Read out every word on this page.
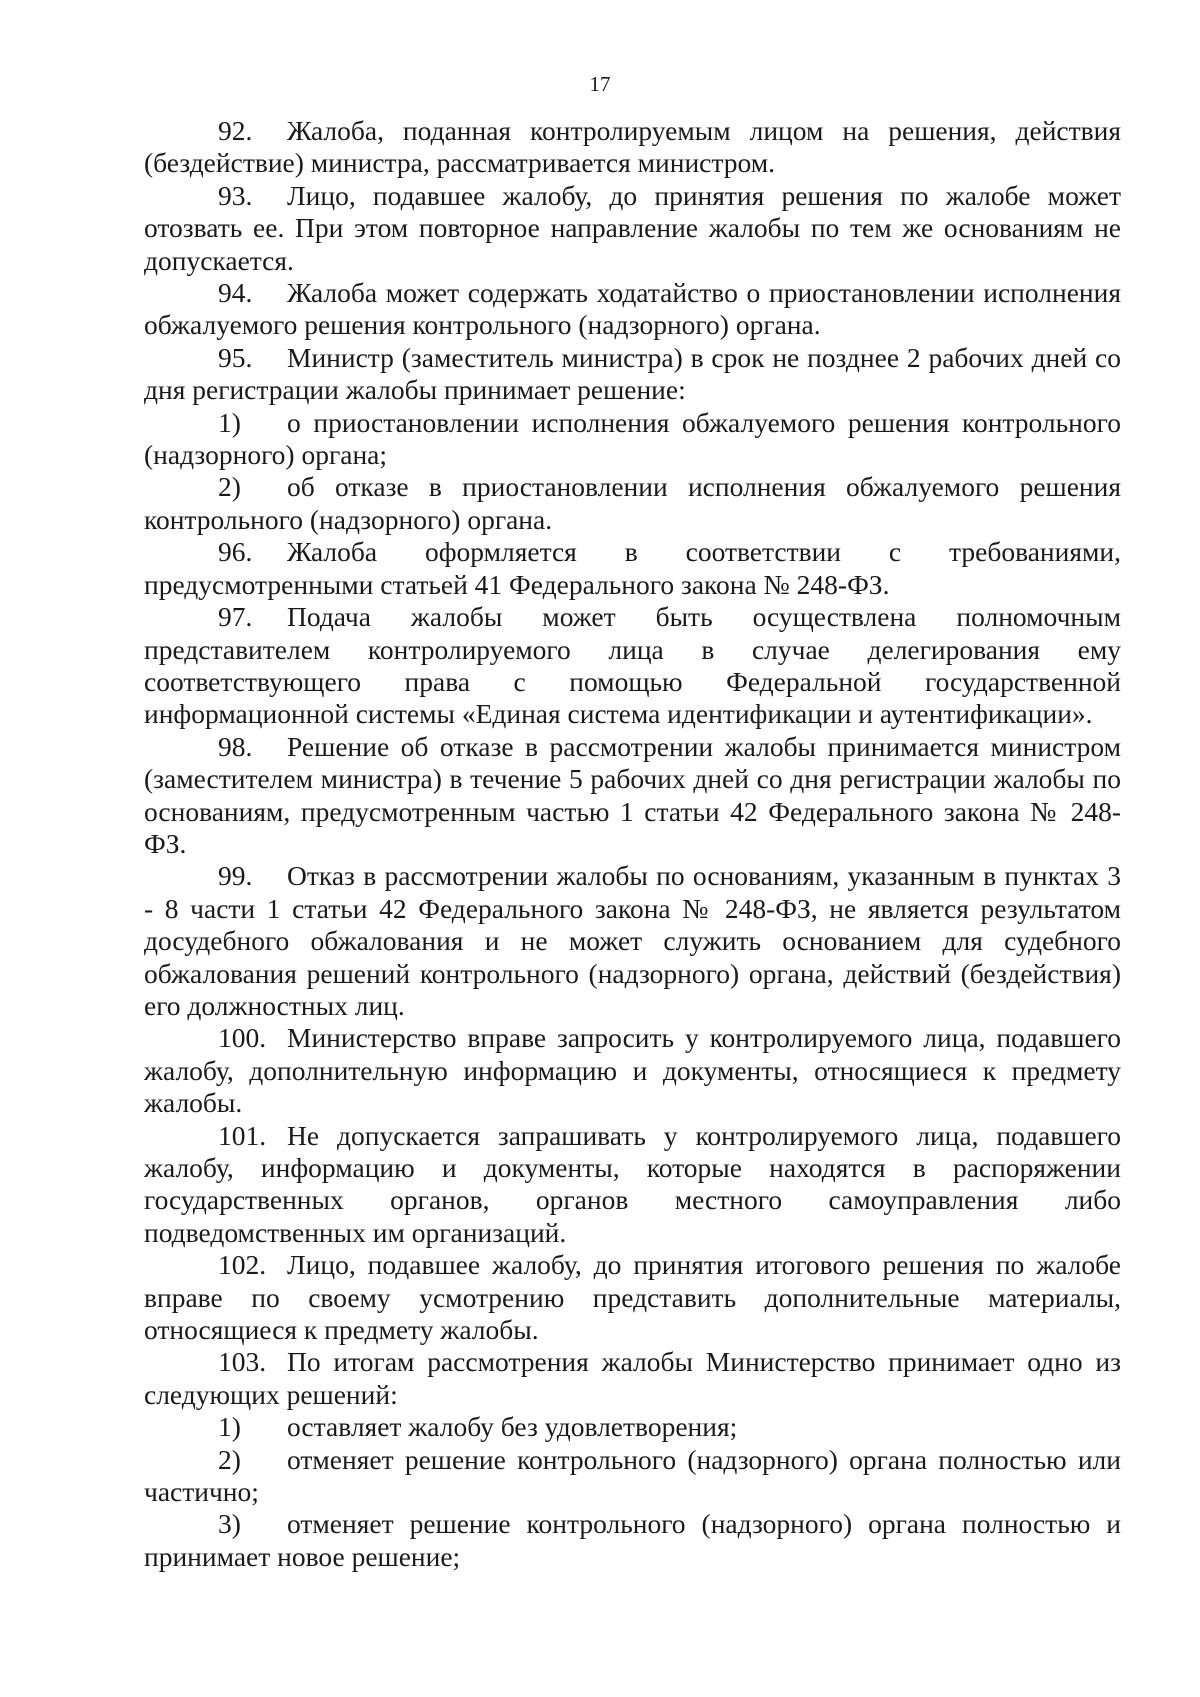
17

92. Жалоба, поданная контролируемым лицом на решения, действия (бездействие) министра, рассматривается министром.

93. Лицо, подавшее жалобу, до принятия решения по жалобе может отозвать ее. При этом повторное направление жалобы по тем же основаниям не допускается.

94. Жалоба может содержать ходатайство о приостановлении исполнения обжалуемого решения контрольного (надзорного) органа.

95. Министр (заместитель министра) в срок не позднее 2 рабочих дней со дня регистрации жалобы принимает решение:

1) о приостановлении исполнения обжалуемого решения контрольного (надзорного) органа;

2) об отказе в приостановлении исполнения обжалуемого решения контрольного (надзорного) органа.

96. Жалоба оформляется в соответствии с требованиями, предусмотренными статьей 41 Федерального закона № 248-ФЗ.

97. Подача жалобы может быть осуществлена полномочным представителем контролируемого лица в случае делегирования ему соответствующего права с помощью Федеральной государственной информационной системы «Единая система идентификации и аутентификации».

98. Решение об отказе в рассмотрении жалобы принимается министром (заместителем министра) в течение 5 рабочих дней со дня регистрации жалобы по основаниям, предусмотренным частью 1 статьи 42 Федерального закона № 248-ФЗ.

99. Отказ в рассмотрении жалобы по основаниям, указанным в пунктах 3 - 8 части 1 статьи 42 Федерального закона № 248-ФЗ, не является результатом досудебного обжалования и не может служить основанием для судебного обжалования решений контрольного (надзорного) органа, действий (бездействия) его должностных лиц.

100. Министерство вправе запросить у контролируемого лица, подавшего жалобу, дополнительную информацию и документы, относящиеся к предмету жалобы.

101. Не допускается запрашивать у контролируемого лица, подавшего жалобу, информацию и документы, которые находятся в распоряжении государственных органов, органов местного самоуправления либо подведомственных им организаций.

102. Лицо, подавшее жалобу, до принятия итогового решения по жалобе вправе по своему усмотрению представить дополнительные материалы, относящиеся к предмету жалобы.

103. По итогам рассмотрения жалобы Министерство принимает одно из следующих решений:

1) оставляет жалобу без удовлетворения;

2) отменяет решение контрольного (надзорного) органа полностью или частично;

3) отменяет решение контрольного (надзорного) органа полностью и принимает новое решение;
